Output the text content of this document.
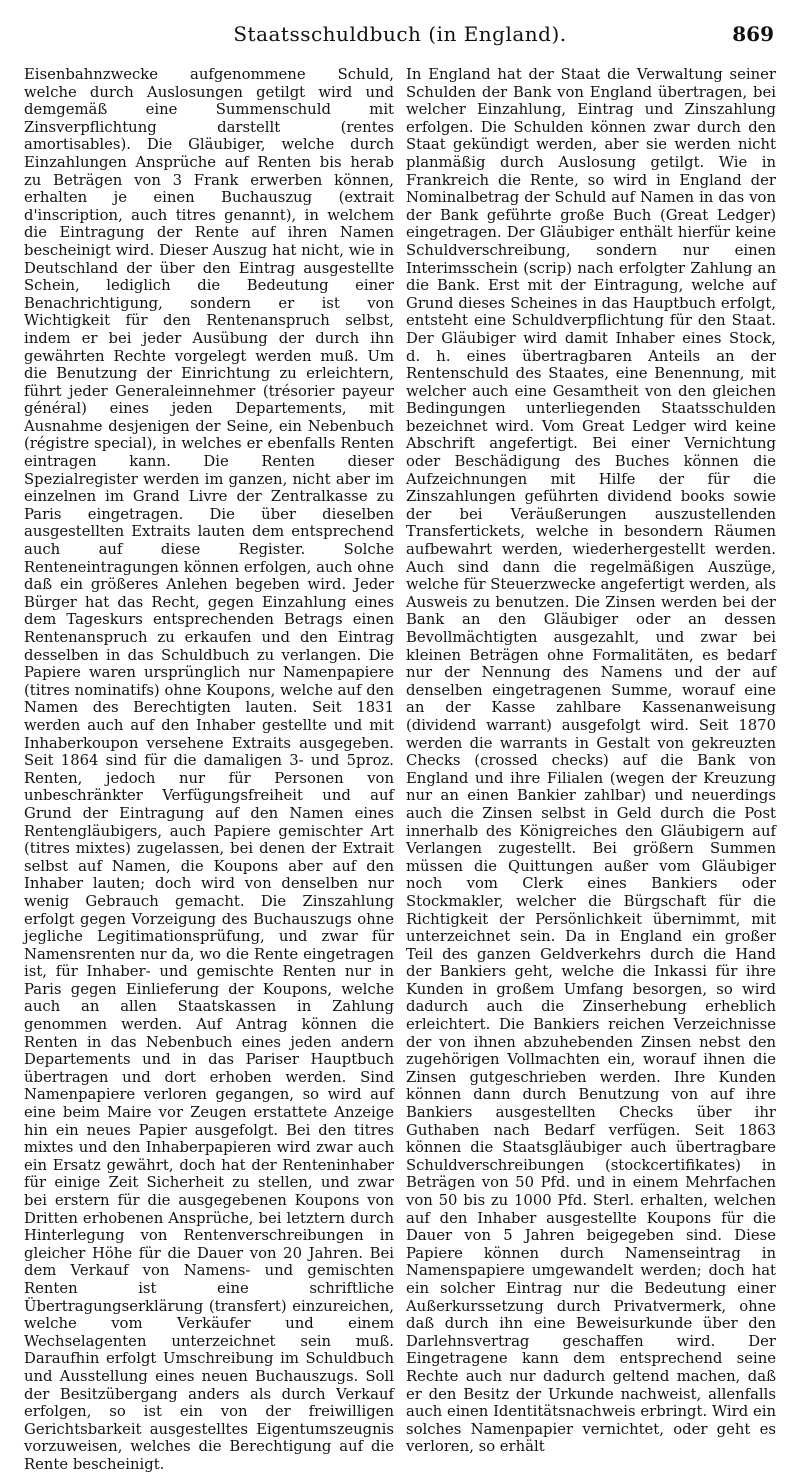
Staatsschuldbuch (in England).	869

Eisenbahnzwecke aufgenommene Schuld, welche durch Auslosungen getilgt wird und demgemäß eine Summenschuld mit Zinsverpflichtung darstellt (rentes amortisables). Die Gläubiger, welche durch Einzahlungen Ansprüche auf Renten bis herab zu Beträgen von 3 Frank erwerben können, erhalten je einen Buchauszug (extrait d'inscription, auch titres genannt), in welchem die Eintragung der Rente auf ihren Namen bescheinigt wird. Dieser Auszug hat nicht, wie in Deutschland der über den Eintrag ausgestellte Schein, lediglich die Bedeutung einer Benachrichtigung, sondern er ist von Wichtigkeit für den Rentenanspruch selbst, indem er bei jeder Ausübung der durch ihn gewährten Rechte vorgelegt werden muß. Um die Benutzung der Einrichtung zu erleichtern, führt jeder Generaleinnehmer (trésorier payeur général) eines jeden Departements, mit Ausnahme desjenigen der Seine, ein Nebenbuch (régistre special), in welches er ebenfalls Renten eintragen kann. Die Renten dieser Spezialregister werden im ganzen, nicht aber im einzelnen im Grand Livre der Zentralkasse zu Paris eingetragen. Die über dieselben ausgestellten Extraits lauten dem entsprechend auch auf diese Register. Solche Renteneintragungen können erfolgen, auch ohne daß ein größeres Anlehen begeben wird. Jeder Bürger hat das Recht, gegen Einzahlung eines dem Tageskurs entsprechenden Betrags einen Rentenanspruch zu erkaufen und den Eintrag desselben in das Schuldbuch zu verlangen. Die Papiere waren ursprünglich nur Namenpapiere (titres nominatifs) ohne Koupons, welche auf den Namen des Berechtigten lauten. Seit 1831 werden auch auf den Inhaber gestellte und mit Inhaberkoupon versehene Extraits ausgegeben. Seit 1864 sind für die damaligen 3- und 5proz. Renten, jedoch nur für Personen von unbeschränkter Verfügungsfreiheit und auf Grund der Eintragung auf den Namen eines Rentengläubigers, auch Papiere gemischter Art (titres mixtes) zugelassen, bei denen der Extrait selbst auf Namen, die Koupons aber auf den Inhaber lauten; doch wird von denselben nur wenig Gebrauch gemacht. Die Zinszahlung erfolgt gegen Vorzeigung des Buchauszugs ohne jegliche Legitimationsprüfung, und zwar für Namensrenten nur da, wo die Rente eingetragen ist, für Inhaber- und gemischte Renten nur in Paris gegen Einlieferung der Koupons, welche auch an allen Staatskassen in Zahlung genommen werden. Auf Antrag können die Renten in das Nebenbuch eines jeden andern Departements und in das Pariser Hauptbuch übertragen und dort erhoben werden. Sind Namenpapiere verloren gegangen, so wird auf eine beim Maire vor Zeugen erstattete Anzeige hin ein neues Papier ausgefolgt. Bei den titres mixtes und den Inhaberpapieren wird zwar auch ein Ersatz gewährt, doch hat der Renteninhaber für einige Zeit Sicherheit zu stellen, und zwar bei erstern für die ausgegebenen Koupons von Dritten erhobenen Ansprüche, bei letztern durch Hinterlegung von Rentenverschreibungen in gleicher Höhe für die Dauer von 20 Jahren. Bei dem Verkauf von Namens- und gemischten Renten ist eine schriftliche Übertragungserklärung (transfert) einzureichen, welche vom Verkäufer und einem Wechselagenten unterzeichnet sein muß. Daraufhin erfolgt Umschreibung im Schuldbuch und Ausstellung eines neuen Buchauszugs. Soll der Besitzübergang anders als durch Verkauf erfolgen, so ist ein von der freiwilligen Gerichtsbarkeit ausgestelltes Eigentumszeugnis vorzuweisen, welches die Berechtigung auf die Rente bescheinigt.

In England hat der Staat die Verwaltung seiner Schulden der Bank von England übertragen, bei welcher Einzahlung, Eintrag und Zinszahlung erfolgen. Die Schulden können zwar durch den Staat gekündigt werden, aber sie werden nicht planmäßig durch Auslosung getilgt. Wie in Frankreich die Rente, so wird in England der Nominalbetrag der Schuld auf Namen in das von der Bank geführte große Buch (Great Ledger) eingetragen. Der Gläubiger enthält hierfür keine Schuldverschreibung, sondern nur einen Interimsschein (scrip) nach erfolgter Zahlung an die Bank. Erst mit der Eintragung, welche auf Grund dieses Scheines in das Hauptbuch erfolgt, entsteht eine Schuldverpflichtung für den Staat. Der Gläubiger wird damit Inhaber eines Stock, d. h. eines übertragbaren Anteils an der Rentenschuld des Staates, eine Benennung, mit welcher auch eine Gesamtheit von den gleichen Bedingungen unterliegenden Staatsschulden bezeichnet wird. Vom Great Ledger wird keine Abschrift angefertigt. Bei einer Vernichtung oder Beschädigung des Buches können die Aufzeichnungen mit Hilfe der für die Zinszahlungen geführten dividend books sowie der bei Veräußerungen auszustellenden Transfertickets, welche in besondern Räumen aufbewahrt werden, wiederhergestellt werden. Auch sind dann die regelmäßigen Auszüge, welche für Steuerzwecke angefertigt werden, als Ausweis zu benutzen. Die Zinsen werden bei der Bank an den Gläubiger oder an dessen Bevollmächtigten ausgezahlt, und zwar bei kleinen Beträgen ohne Formalitäten, es bedarf nur der Nennung des Namens und der auf denselben eingetragenen Summe, worauf eine an der Kasse zahlbare Kassenanweisung (dividend warrant) ausgefolgt wird. Seit 1870 werden die warrants in Gestalt von gekreuzten Checks (crossed checks) auf die Bank von England und ihre Filialen (wegen der Kreuzung nur an einen Bankier zahlbar) und neuerdings auch die Zinsen selbst in Geld durch die Post innerhalb des Königreiches den Gläubigern auf Verlangen zugestellt. Bei größern Summen müssen die Quittungen außer vom Gläubiger noch vom Clerk eines Bankiers oder Stockmakler, welcher die Bürgschaft für die Richtigkeit der Persönlichkeit übernimmt, mit unterzeichnet sein. Da in England ein großer Teil des ganzen Geldverkehrs durch die Hand der Bankiers geht, welche die Inkassi für ihre Kunden in großem Umfang besorgen, so wird dadurch auch die Zinserhebung erheblich erleichtert. Die Bankiers reichen Verzeichnisse der von ihnen abzuhebenden Zinsen nebst den zugehörigen Vollmachten ein, worauf ihnen die Zinsen gutgeschrieben werden. Ihre Kunden können dann durch Benutzung von auf ihre Bankiers ausgestellten Checks über ihr Guthaben nach Bedarf verfügen. Seit 1863 können die Staatsgläubiger auch übertragbare Schuldverschreibungen (stockcertifikates) in Beträgen von 50 Pfd. und in einem Mehrfachen von 50 bis zu 1000 Pfd. Sterl. erhalten, welchen auf den Inhaber ausgestellte Koupons für die Dauer von 5 Jahren beigegeben sind. Diese Papiere können durch Namenseintrag in Namenspapiere umgewandelt werden; doch hat ein solcher Eintrag nur die Bedeutung einer Außerkurssetzung durch Privatvermerk, ohne daß durch ihn eine Beweisurkunde über den Darlehnsvertrag geschaffen wird. Der Eingetragene kann dem entsprechend seine Rechte auch nur dadurch geltend machen, daß er den Besitz der Urkunde nachweist, allenfalls auch einen Identitätsnachweis erbringt. Wird ein solches Namenpapier vernichtet, oder geht es verloren, so erhält
